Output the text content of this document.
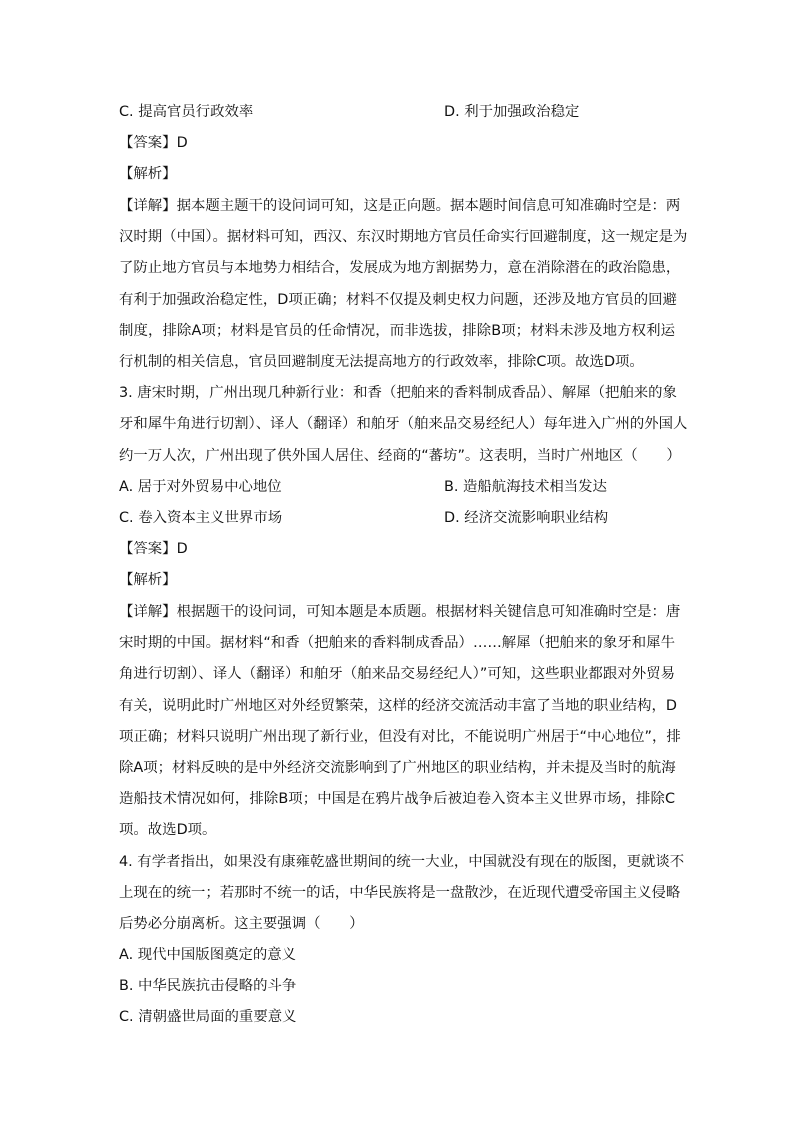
C. 提高官员行政效率	D. 利于加强政治稳定
【答案】D
【解析】
【详解】据本题主题干的设问词可知，这是正向题。据本题时间信息可知准确时空是：两
汉时期（中国）。据材料可知，西汉、东汉时期地方官员任命实行回避制度，这一规定是为
了防止地方官员与本地势力相结合，发展成为地方割据势力，意在消除潜在的政治隐患，
有利于加强政治稳定性，D项正确；材料不仅提及刺史权力问题，还涉及地方官员的回避
制度，排除A项；材料是官员的任命情况，而非选拔，排除B项；材料未涉及地方权利运
行机制的相关信息，官员回避制度无法提高地方的行政效率，排除C项。故选D项。
3. 唐宋时期，广州出现几种新行业：和香（把舶来的香料制成香品）、解犀（把舶来的象
牙和犀牛角进行切割）、译人（翻译）和舶牙（舶来品交易经纪人）每年进入广州的外国人
约一万人次，广州出现了供外国人居住、经商的“蕃坊”。这表明，当时广州地区（　　）
A. 居于对外贸易中心地位	B. 造船航海技术相当发达
C. 卷入资本主义世界市场	D. 经济交流影响职业结构
【答案】D
【解析】
【详解】根据题干的设问词，可知本题是本质题。根据材料关键信息可知准确时空是：唐
宋时期的中国。据材料“和香（把舶来的香料制成香品）……解犀（把舶来的象牙和犀牛
角进行切割）、译人（翻译）和舶牙（舶来品交易经纪人）”可知，这些职业都跟对外贸易
有关，说明此时广州地区对外经贸繁荣，这样的经济交流活动丰富了当地的职业结构，D
项正确；材料只说明广州出现了新行业，但没有对比，不能说明广州居于“中心地位”，排
除A项；材料反映的是中外经济交流影响到了广州地区的职业结构，并未提及当时的航海
造船技术情况如何，排除B项；中国是在鸦片战争后被迫卷入资本主义世界市场，排除C
项。故选D项。
4. 有学者指出，如果没有康雍乾盛世期间的统一大业，中国就没有现在的版图，更就谈不
上现在的统一；若那时不统一的话，中华民族将是一盘散沙，在近现代遭受帝国主义侵略
后势必分崩离析。这主要强调（　　）
A. 现代中国版图奠定的意义
B. 中华民族抗击侵略的斗争
C. 清朝盛世局面的重要意义
